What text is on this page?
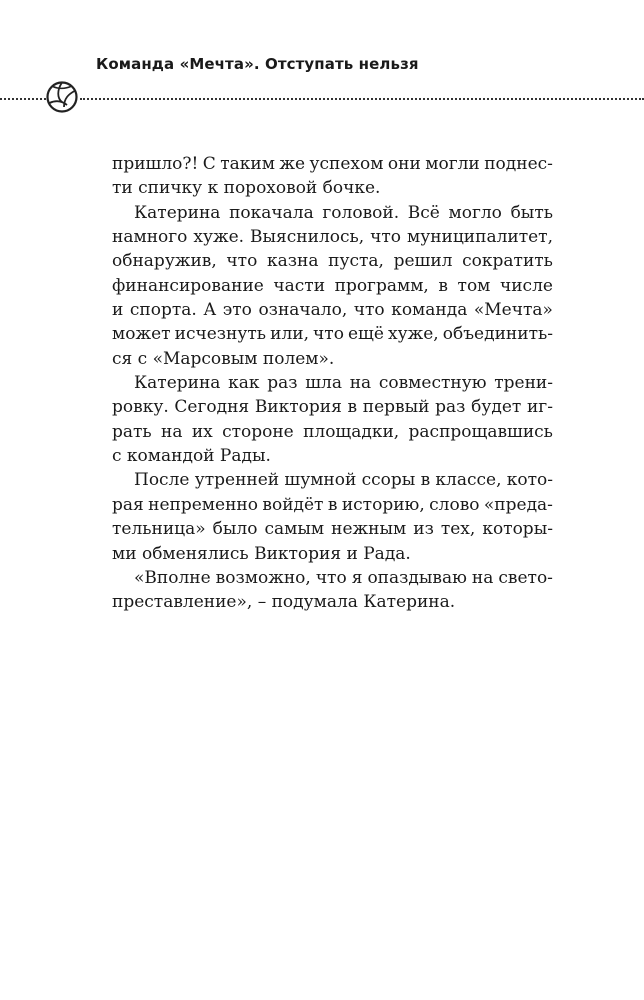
Команда «Мечта». Отступать нельзя
пришло?! С таким же успехом они могли поднес-
ти спичку к пороховой бочке.
Катерина покачала головой. Всё могло быть
намного хуже. Выяснилось, что муниципалитет,
обнаружив, что казна пуста, решил сократить
финансирование части программ, в том числе
и спорта. А это означало, что команда «Мечта»
может исчезнуть или, что ещё хуже, объединить-
ся с «Марсовым полем».
Катерина как раз шла на совместную трени-
ровку. Сегодня Виктория в первый раз будет иг-
рать на их стороне площадки, распрощавшись
с командой Рады.
После утренней шумной ссоры в классе, кото-
рая непременно войдёт в историю, слово «преда-
тельница» было самым нежным из тех, которы-
ми обменялись Виктория и Рада.
«Вполне возможно, что я опаздываю на свето-
преставление», – подумала Катерина.
